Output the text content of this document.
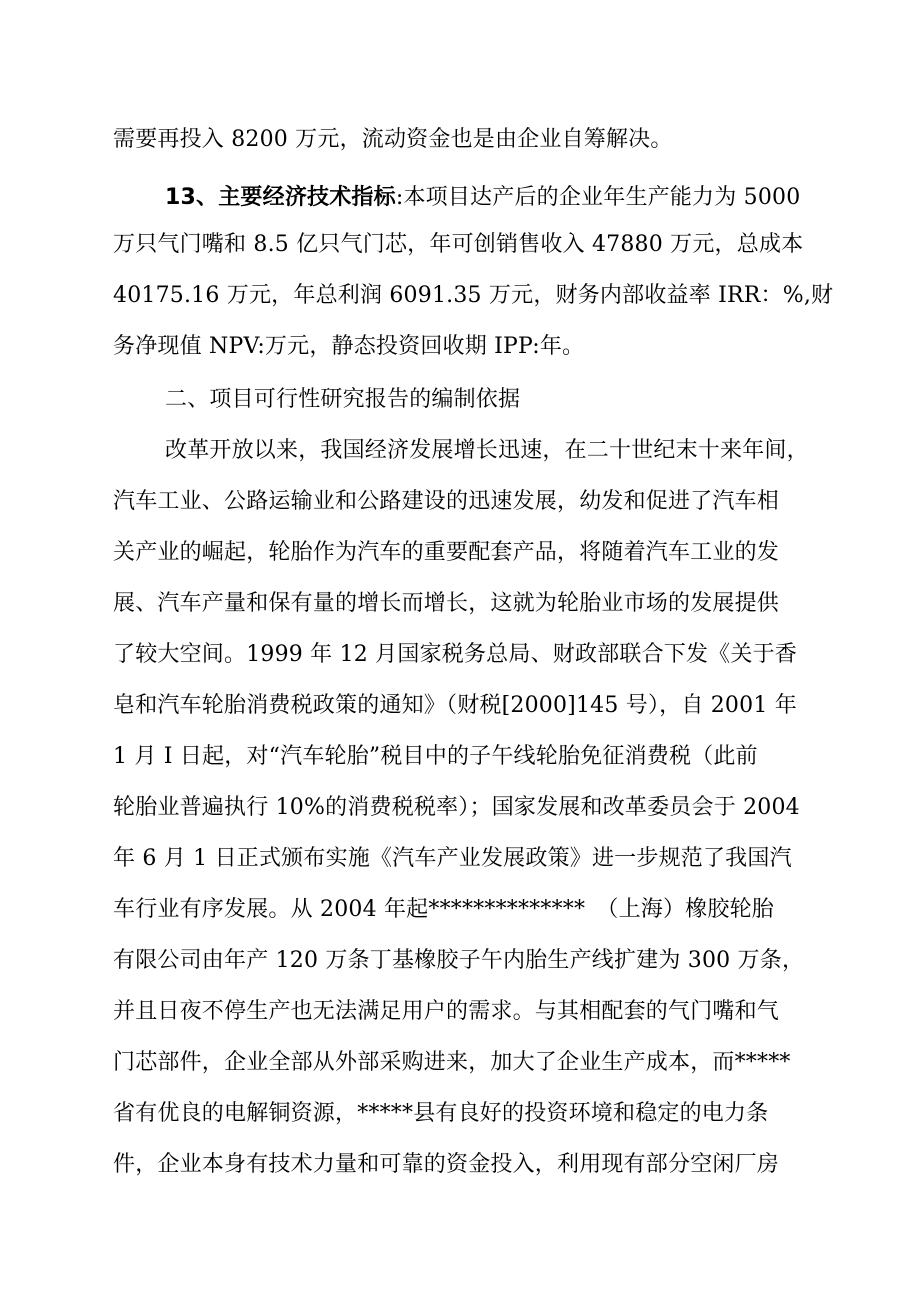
需要再投入 8200 万元，流动资金也是由企业自筹解决。
13、主要经济技术指标:本项目达产后的企业年生产能力为 5000
万只气门嘴和 8.5 亿只气门芯，年可创销售收入 47880 万元，总成本
40175.16 万元，年总利润 6091.35 万元，财务内部收益率 IRR：%,财
务净现值 NPV:万元，静态投资回收期 IPP:年。
二、项目可行性研究报告的编制依据
改革开放以来，我国经济发展增长迅速，在二十世纪末十来年间，
汽车工业、公路运输业和公路建设的迅速发展，幼发和促进了汽车相
关产业的崛起，轮胎作为汽车的重要配套产品，将随着汽车工业的发
展、汽车产量和保有量的增长而增长，这就为轮胎业市场的发展提供
了较大空间。1999 年 12 月国家税务总局、财政部联合下发《关于香
皂和汽车轮胎消费税政策的通知》（财税[2000]145 号），自 2001 年
1 月 I 日起，对“汽车轮胎”税目中的子午线轮胎免征消费税（此前
轮胎业普遍执行 10%的消费税税率）；国家发展和改革委员会于 2004
年 6 月 1 日正式颁布实施《汽车产业发展政策》进一步规范了我国汽
车行业有序发展。从 2004 年起**************　（上海）橡胶轮胎
有限公司由年产 120 万条丁基橡胶子午内胎生产线扩建为 300 万条，
并且日夜不停生产也无法满足用户的需求。与其相配套的气门嘴和气
门芯部件，企业全部从外部采购进来，加大了企业生产成本，而*****
省有优良的电解铜资源，*****县有良好的投资环境和稳定的电力条
件，企业本身有技术力量和可靠的资金投入，利用现有部分空闲厂房
